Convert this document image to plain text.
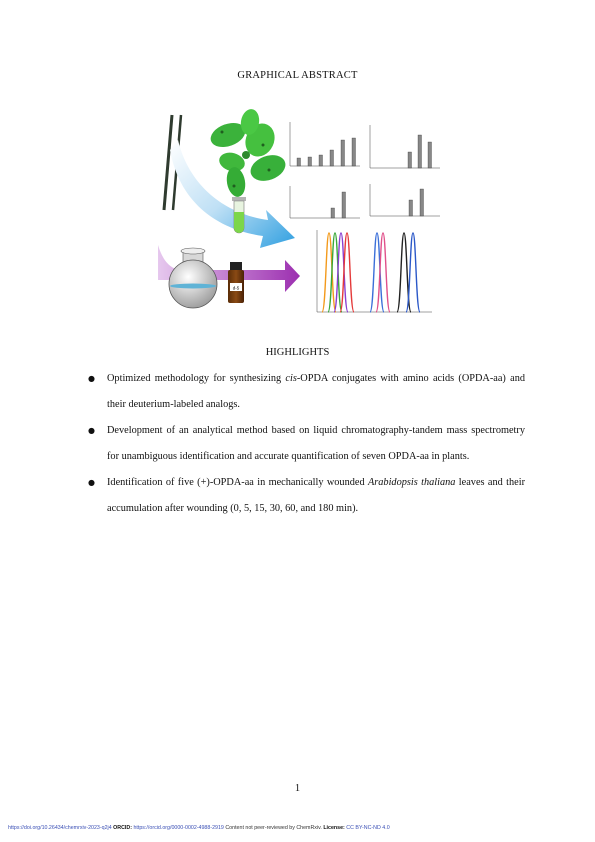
GRAPHICAL ABSTRACT
d-5
HIGHLIGHTS
● Optimized methodology for synthesizing cis-OPDA conjugates with amino acids (OPDA-aa) and their deuterium-labeled analogs.
● Development of an analytical method based on liquid chromatography-tandem mass spectrometry for unambiguous identification and accurate quantification of seven OPDA-aa in plants.
● Identification of five (+)-OPDA-aa in mechanically wounded Arabidopsis thaliana leaves and their accumulation after wounding (0, 5, 15, 30, 60, and 180 min).
1
https://doi.org/10.26434/chemrxiv-2023-q2j4 ORCID: https://orcid.org/0000-0002-4988-2919 Content not peer-reviewed by ChemRxiv. License: CC BY-NC-ND 4.0
